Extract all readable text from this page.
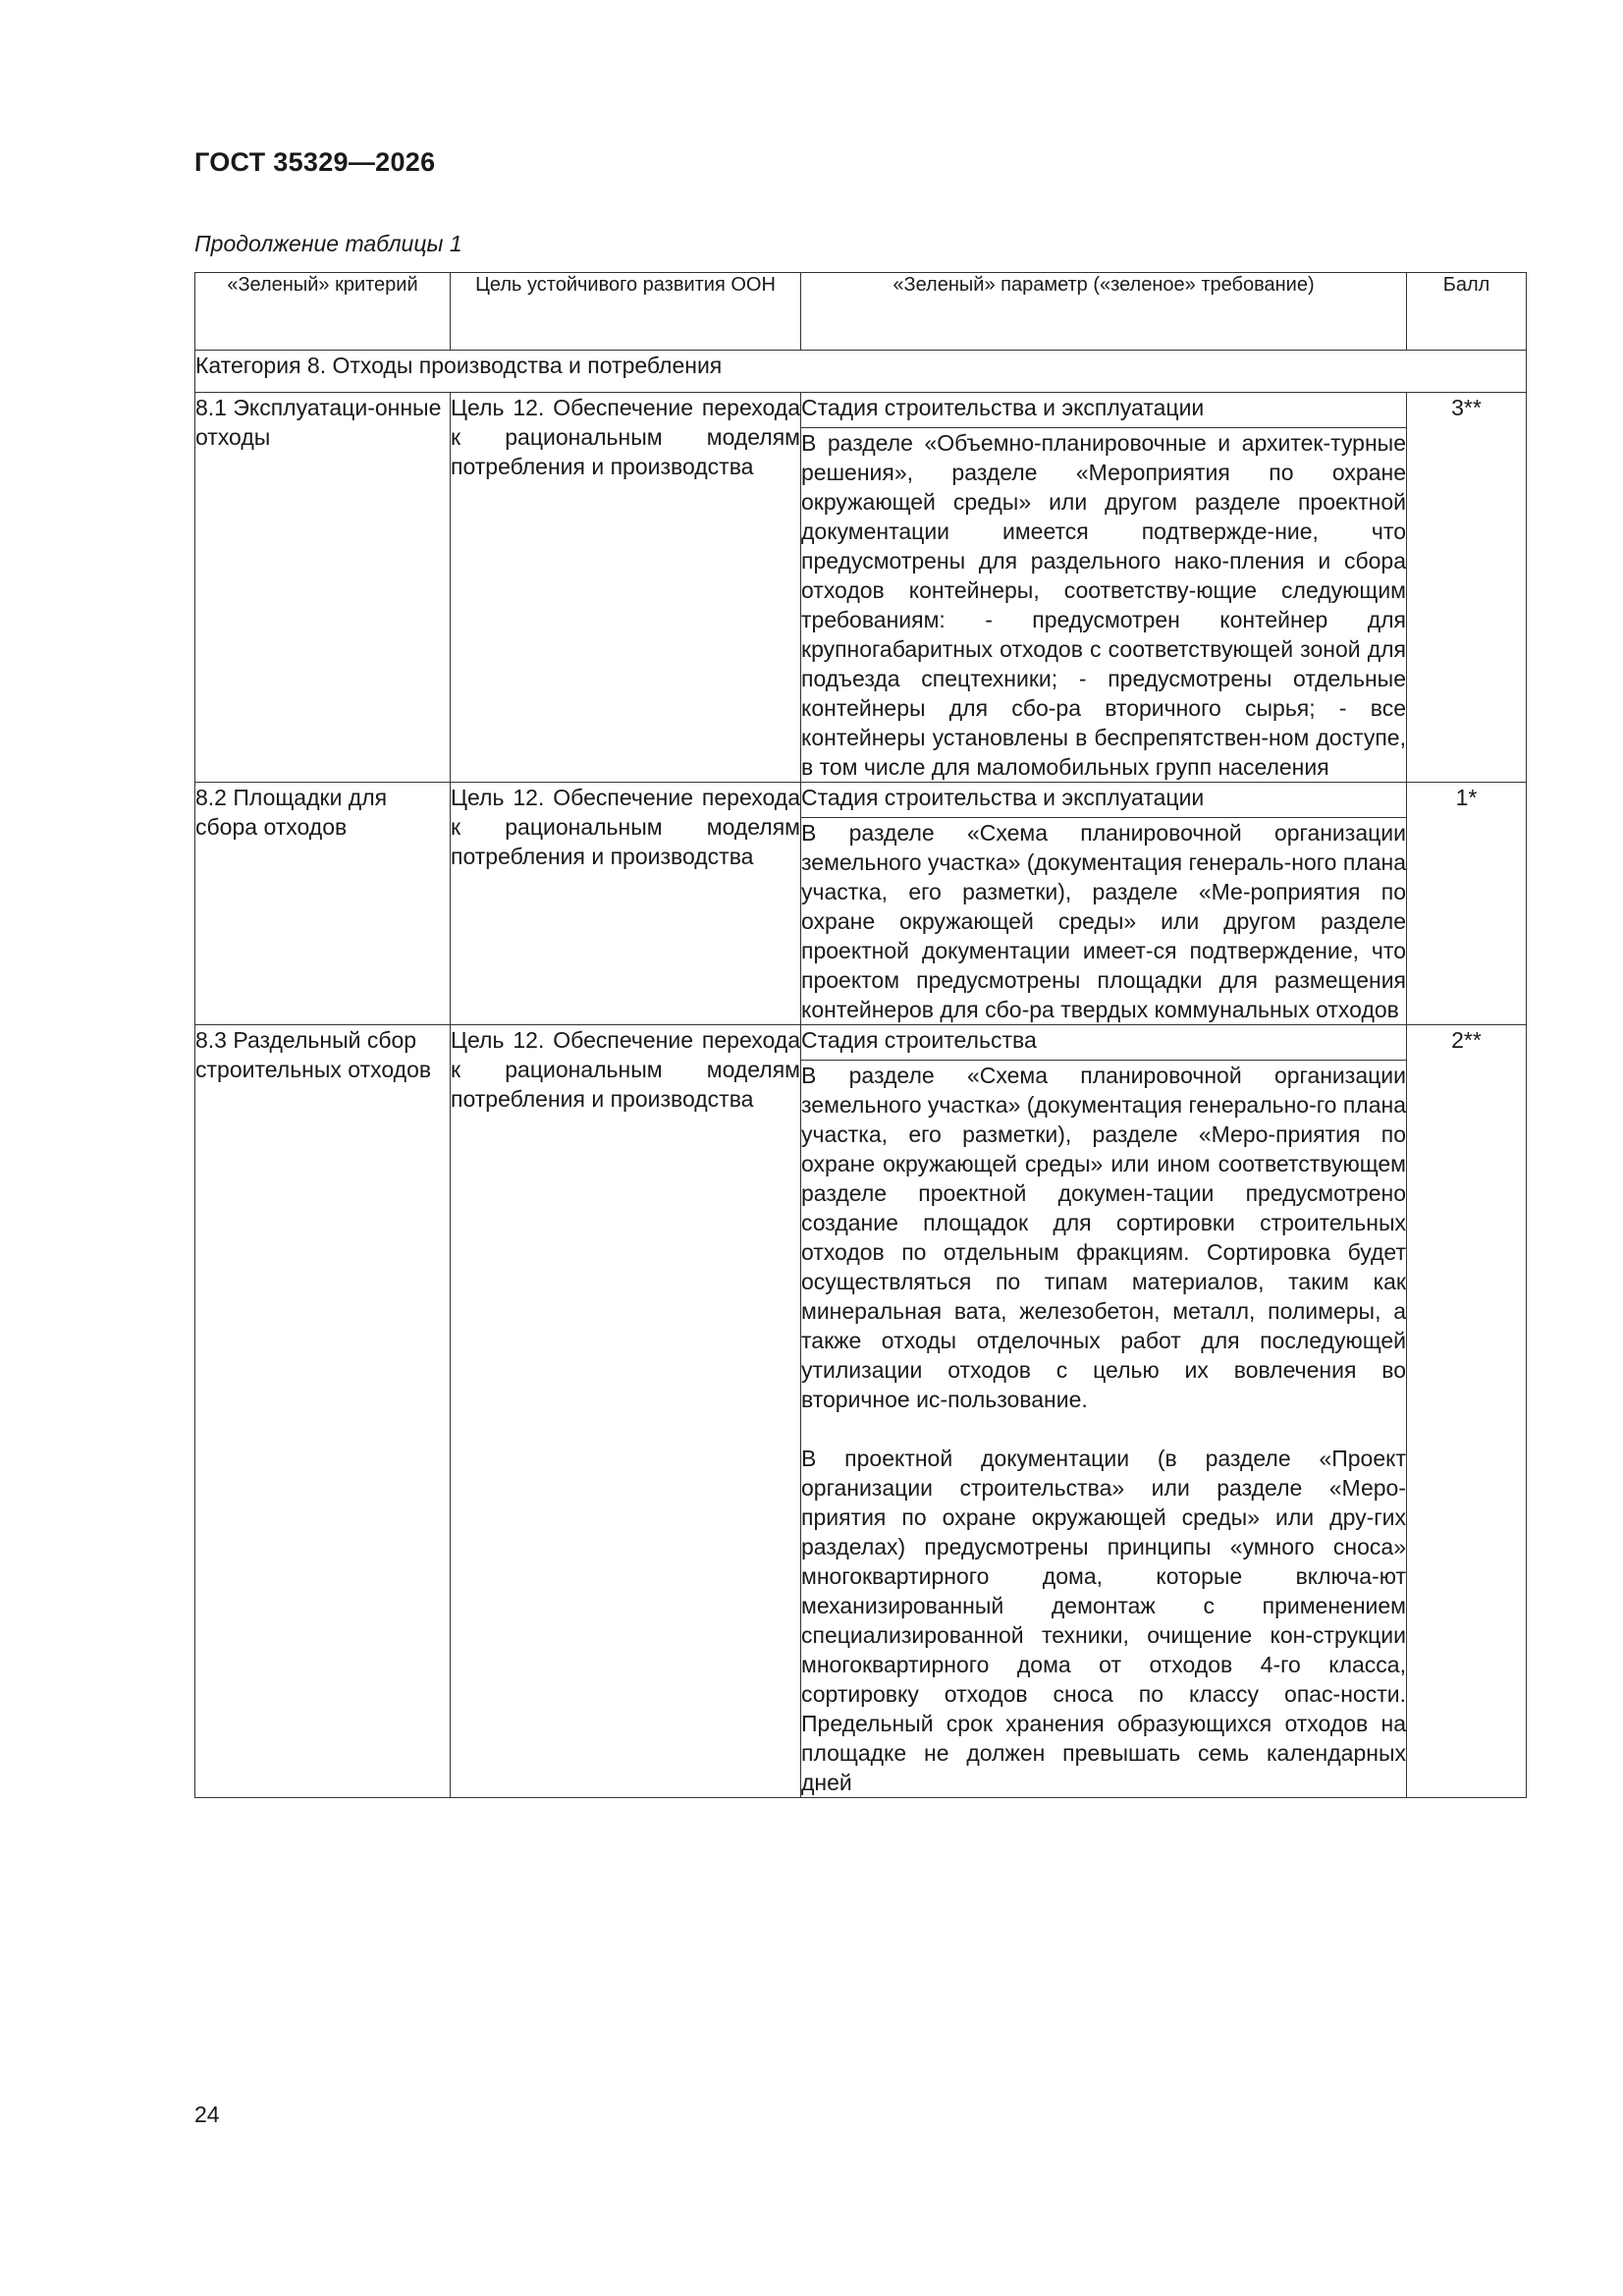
ГОСТ 35329—2026
Продолжение таблицы 1
«Зеленый» критерий	Цель устойчивого развития ООН	«Зеленый» параметр («зеленое» требование)	Балл
Категория 8. Отходы производства и потребления			
8.1 Эксплуатаци-онные отходы	Цель 12. Обеспечение перехода к рациональным моделям потребления и производства	Стадия строительства и эксплуатации	3**

		В разделе «Объемно-планировочные и архитек-турные решения», разделе «Мероприятия по охране окружающей среды» или другом разделе проектной документации имеется подтвержде-ние, что предусмотрены для раздельного нако-пления и сбора отходов контейнеры, соответству-ющие следующим требованиям: - предусмотрен контейнер для крупногабаритных отходов с соответствующей зоной для подъезда спецтехники; - предусмотрены отдельные контейнеры для сбо-ра вторичного сырья; - все контейнеры установлены в беспрепятствен-ном доступе, в том числе для маломобильных групп населения	

8.2 Площадки для сбора отходов	Цель 12. Обеспечение перехода к рациональным моделям потребления и производства	Стадия строительства и эксплуатации	1*

		В разделе «Схема планировочной организации земельного участка» (документация генераль-ного плана участка, его разметки), разделе «Ме-роприятия по охране окружающей среды» или другом разделе проектной документации имеет-ся подтверждение, что проектом предусмотрены площадки для размещения контейнеров для сбо-ра твердых коммунальных отходов	

8.3 Раздельный сбор строительных отходов	Цель 12. Обеспечение перехода к рациональным моделям потребления и производства	Стадия строительства	2**

		В разделе «Схема планировочной организации земельного участка» (документация генерально-го плана участка, его разметки), разделе «Меро-приятия по охране окружающей среды» или ином соответствующем разделе проектной докумен-тации предусмотрено создание площадок для сортировки строительных отходов по отдельным фракциям. Сортировка будет осуществляться по типам материалов, таким как минеральная вата, железобетон, металл, полимеры, а также отходы отделочных работ для последующей утилизации отходов с целью их вовлечения во вторичное ис-пользование.

В проектной документации (в разделе «Проект организации строительства» или разделе «Меро-приятия по охране окружающей среды» или дру-гих разделах) предусмотрены принципы «умного сноса» многоквартирного дома, которые включа-ют механизированный демонтаж с применением специализированной техники, очищение кон-струкции многоквартирного дома от отходов 4-го класса, сортировку отходов сноса по классу опас-ности. Предельный срок хранения образующихся отходов на площадке не должен превышать семь календарных дней	

24
